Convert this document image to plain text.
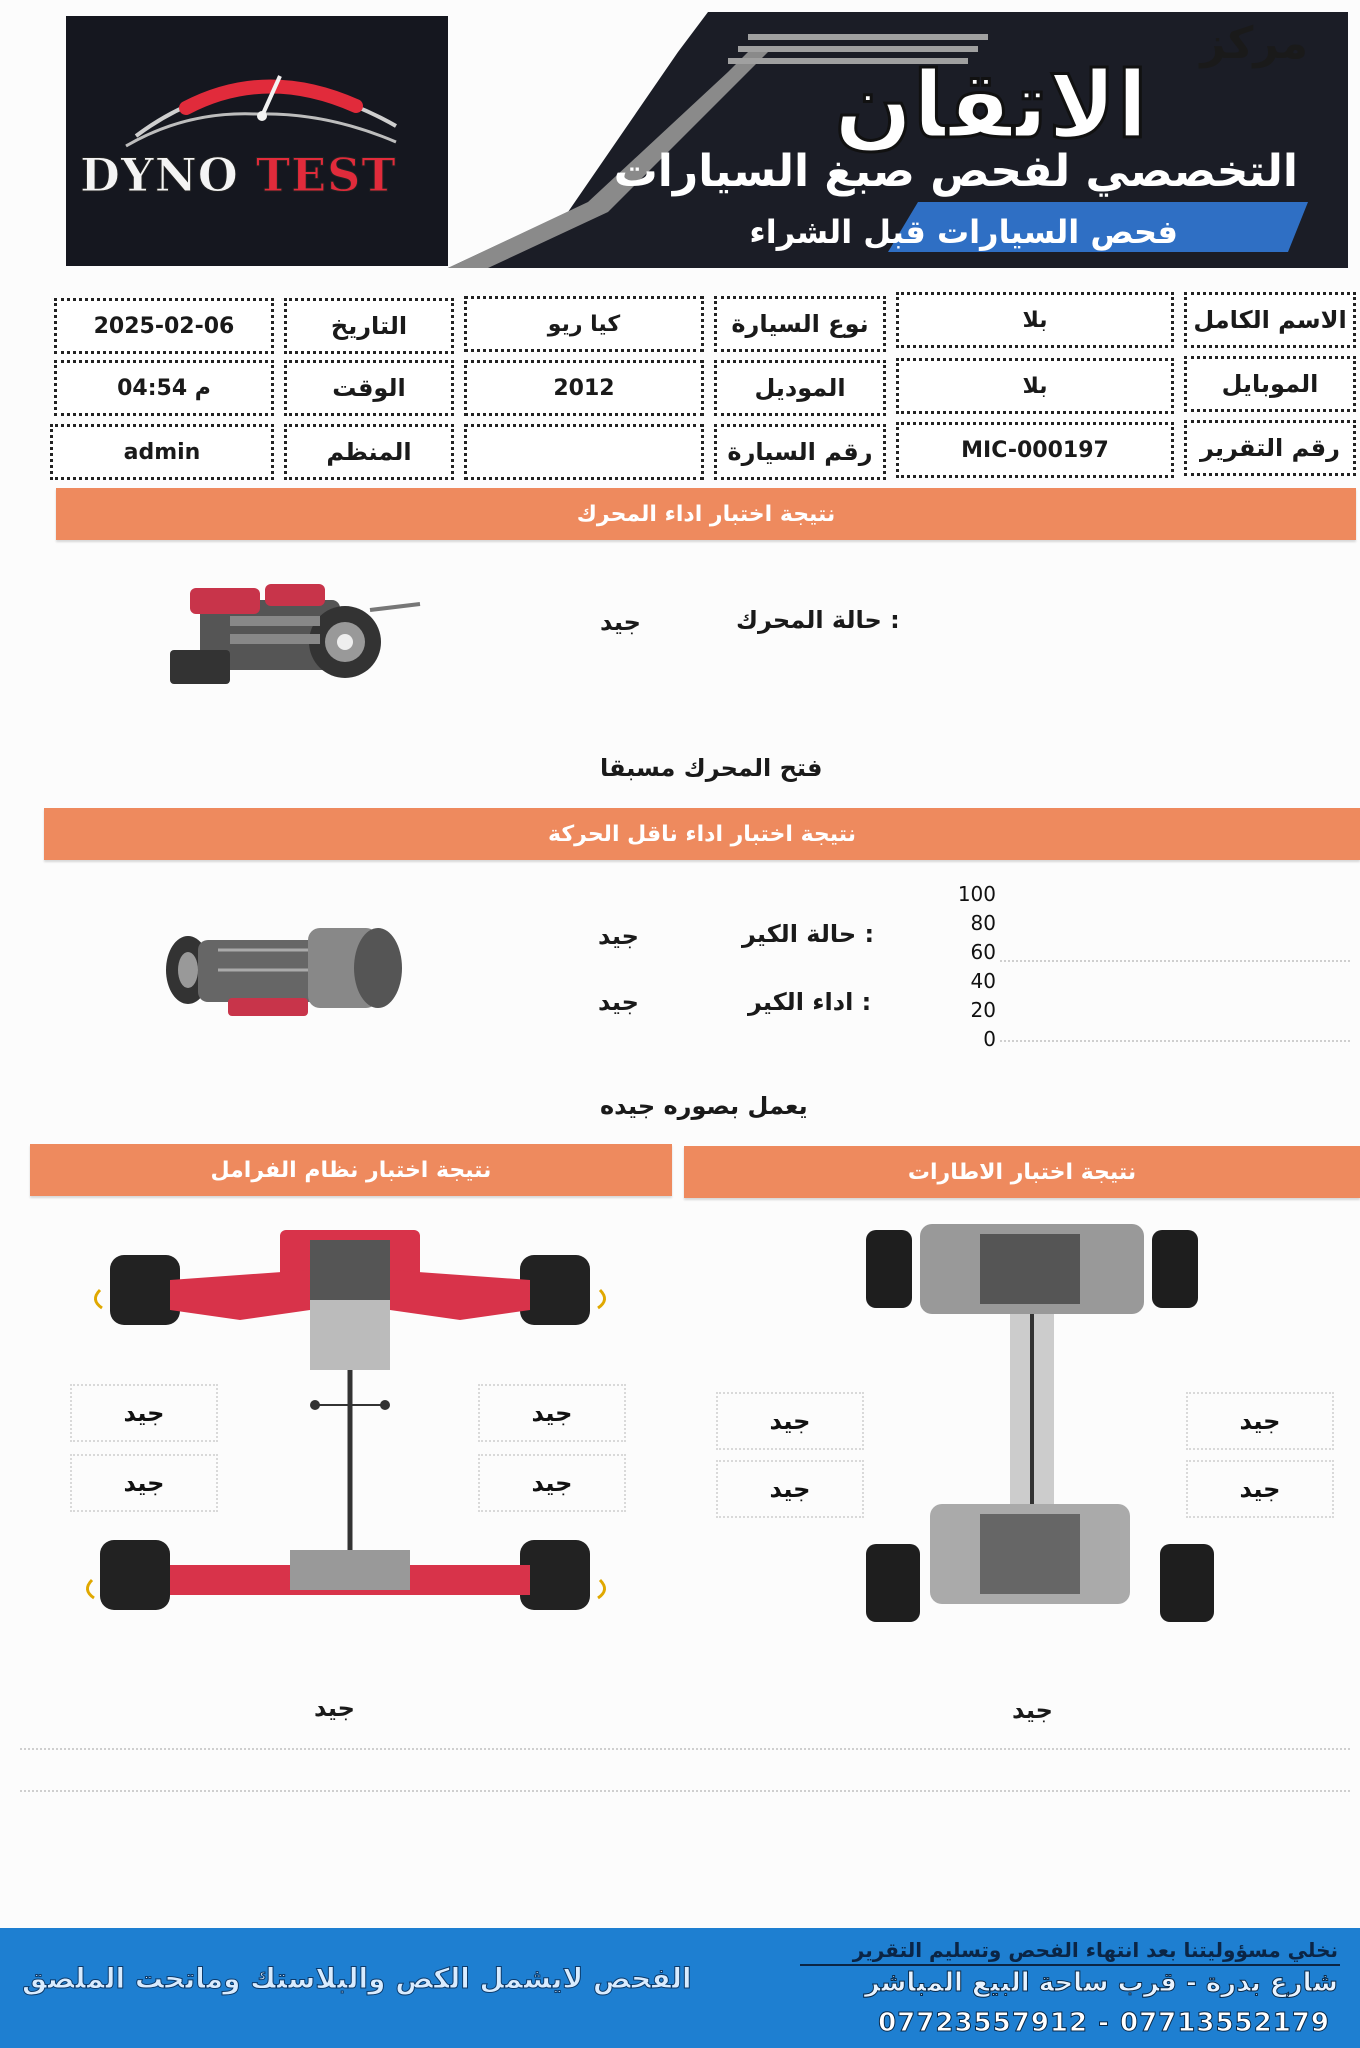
DYNO TEST
مركز
الاتقان
التخصصي لفحص صبغ السيارات
فحص السيارات قبل الشراء
الاسم الكامل
بلا
نوع السيارة
كيا ريو
التاريخ
2025-02-06
الموبايل
بلا
الموديل
2012
الوقت
04:54 م
رقم التقرير
MIC-000197
رقم السيارة
المنظم
admin
نتيجة اختبار اداء المحرك
حالة المحرك :
جيد
فتح المحرك مسبقا
نتيجة اختبار اداء ناقل الحركة
حالة الكير :
جيد
اداء الكير :
جيد
100
80
60
40
20
0
يعمل بصوره جيده
نتيجة اختبار نظام الفرامل	نتيجة اختبار الاطارات
جيد
جيد
جيد
جيد
جيد
جيد
جيد
جيد
جيد
جيد
الفحص لايشمل الكص والبلاستك وماتحت الملصق
نخلي مسؤوليتنا بعد انتهاء الفحص وتسليم التقرير
شارع بدرة - قرب ساحة البيع المباشر
07723557912 - 07713552179
